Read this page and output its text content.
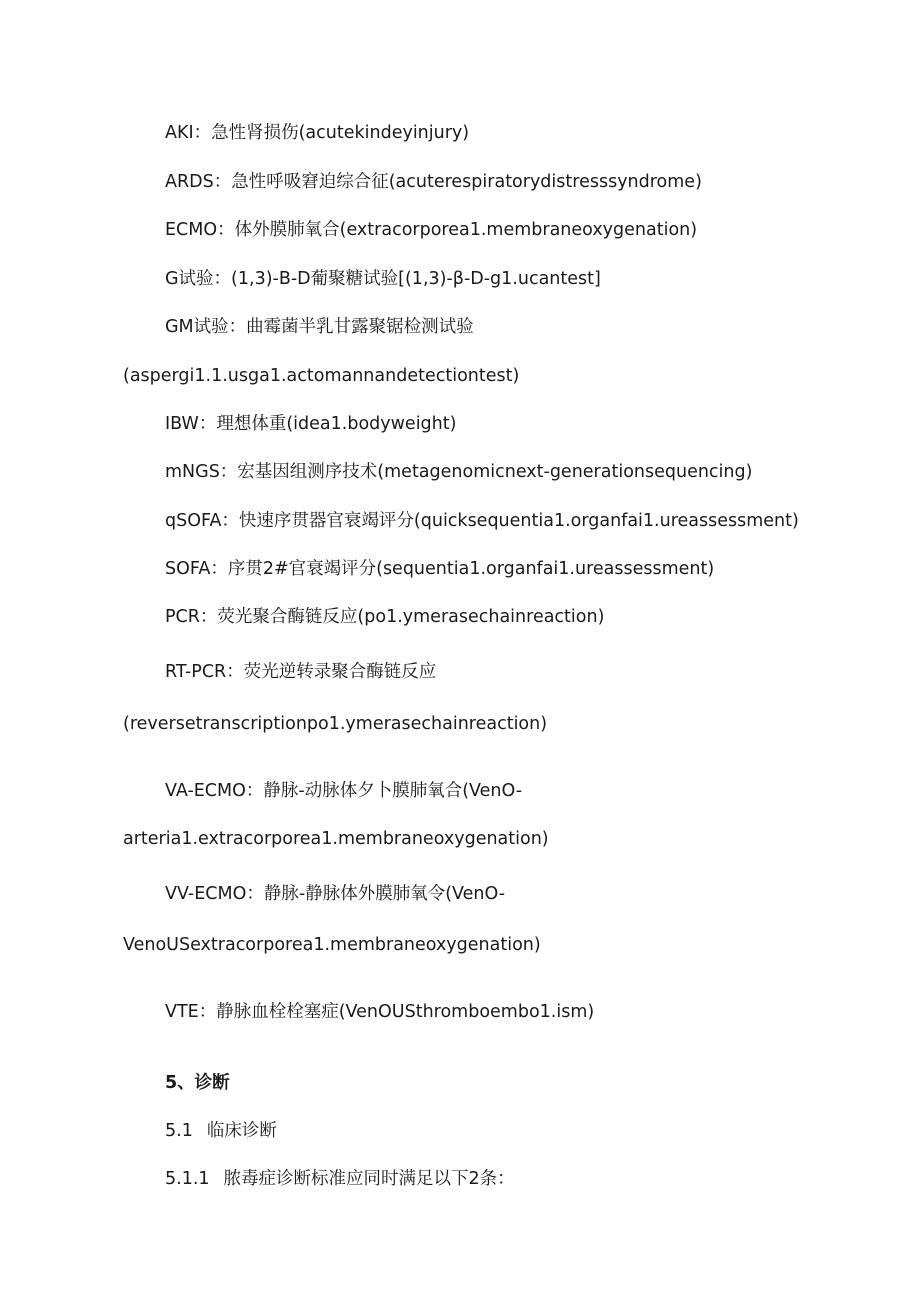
AKI：急性肾损伤(acutekindeyinjury)
ARDS：急性呼吸窘迫综合征(acuterespiratorydistresssyndrome)
ECMO：体外膜肺氧合(extracorporea1.membraneoxygenation)
G试验：(1,3)-B-D葡聚糖试验[(1,3)-β-D-g1.ucantest]
GM试验：曲霉菌半乳甘露聚锯检测试验
(aspergi1.1.usga1.actomannandetectiontest)
IBW：理想体重(idea1.bodyweight)
mNGS：宏基因组测序技术(metagenomicnext-generationsequencing)
qSOFA：快速序贯器官衰竭评分(quicksequentia1.organfai1.ureassessment)
SOFA：序贯2#官衰竭评分(sequentia1.organfai1.ureassessment)
PCR：荧光聚合酶链反应(po1.ymerasechainreaction)
RT-PCR：荧光逆转录聚合酶链反应
(reversetranscriptionpo1.ymerasechainreaction)
VA-ECMO：静脉-动脉体夕卜膜肺氧合(VenO-
arteria1.extracorporea1.membraneoxygenation)
VV-ECMO：静脉-静脉体外膜肺氧令(VenO-
VenoUSextracorporea1.membraneoxygenation)
VTE：静脉血栓栓塞症(VenOUSthromboembo1.ism)
5、诊断
5.1 临床诊断
5.1.1 脓毒症诊断标准应同时满足以下2条：
